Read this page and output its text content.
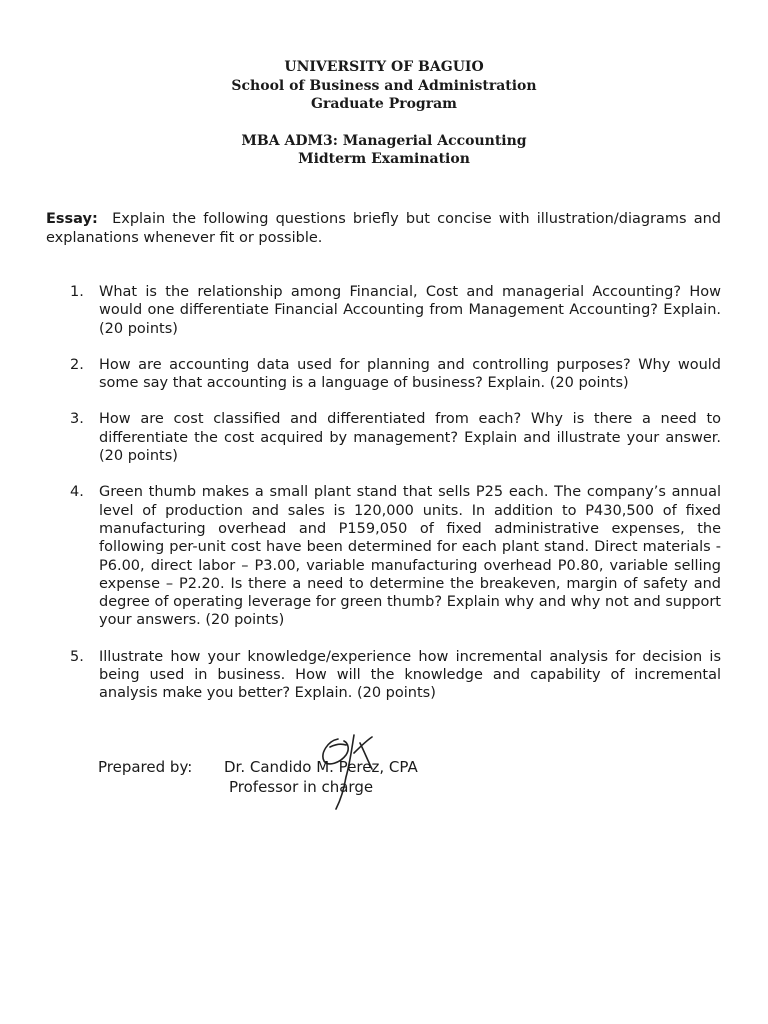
UNIVERSITY OF BAGUIO
School of Business and Administration
Graduate Program
MBA ADM3: Managerial Accounting
Midterm Examination
Essay: Explain the following questions briefly but concise with illustration/diagrams and explanations whenever fit or possible.
1. What is the relationship among Financial, Cost and managerial Accounting? How would one differentiate Financial Accounting from Management Accounting? Explain. (20 points)
2. How are accounting data used for planning and controlling purposes? Why would some say that accounting is a language of business? Explain. (20 points)
3. How are cost classified and differentiated from each? Why is there a need to differentiate the cost acquired by management? Explain and illustrate your answer. (20 points)
4. Green thumb makes a small plant stand that sells P25 each. The company’s annual level of production and sales is 120,000 units. In addition to P430,500 of fixed manufacturing overhead and P159,050 of fixed administrative expenses, the following per-unit cost have been determined for each plant stand. Direct materials - P6.00, direct labor – P3.00, variable manufacturing overhead P0.80, variable selling expense – P2.20. Is there a need to determine the breakeven, margin of safety and degree of operating leverage for green thumb? Explain why and why not and support your answers. (20 points)
5. Illustrate how your knowledge/experience how incremental analysis for decision is being used in business. How will the knowledge and capability of incremental analysis make you better? Explain. (20 points)
Prepared by:	Dr. Candido M. Perez, CPA
Professor in charge
